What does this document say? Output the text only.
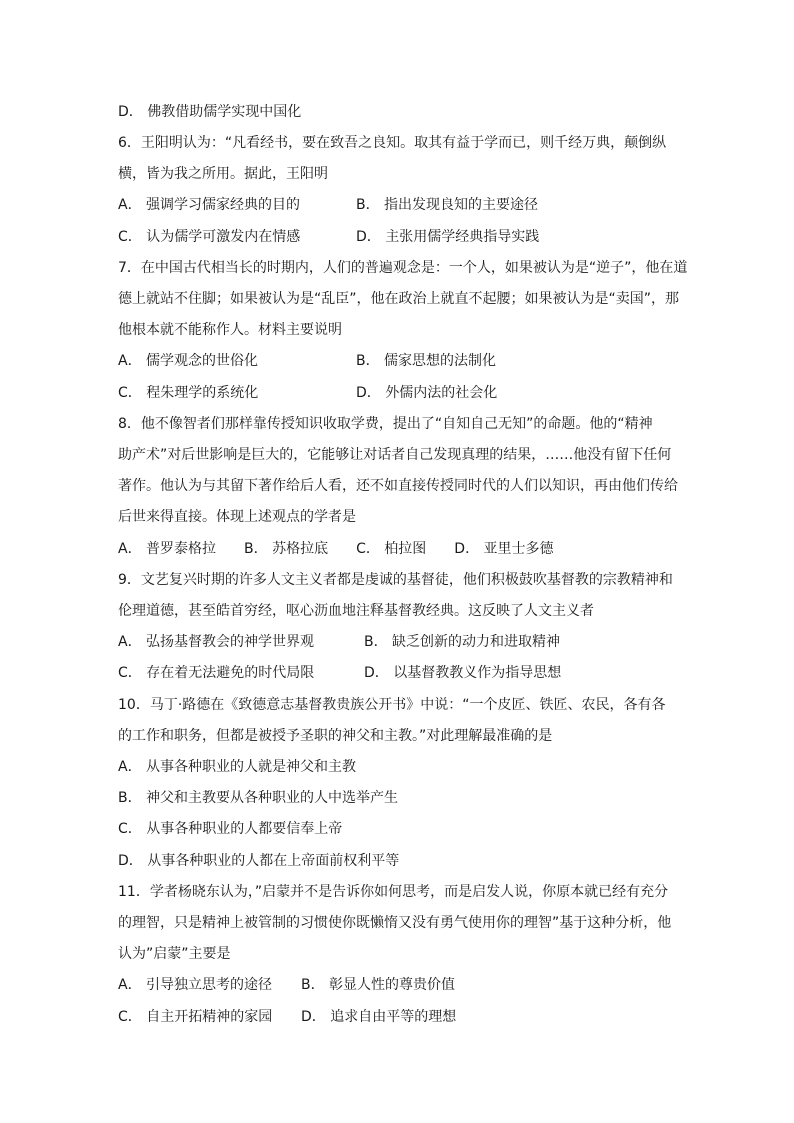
D． 佛教借助儒学实现中国化
6．王阳明认为：“凡看经书，要在致吾之良知。取其有益于学而已，则千经万典，颠倒纵
横，皆为我之所用。据此，王阳明
A． 强调学习儒家经典的目的	B． 指出发现良知的主要途径
C． 认为儒学可激发内在情感	D． 主张用儒学经典指导实践
7．在中国古代相当长的时期内，人们的普遍观念是：一个人，如果被认为是“逆子”，他在道
德上就站不住脚；如果被认为是“乱臣”，他在政治上就直不起腰；如果被认为是“卖国”，那
他根本就不能称作人。材料主要说明
A． 儒学观念的世俗化	B． 儒家思想的法制化
C． 程朱理学的系统化	D． 外儒内法的社会化
8．他不像智者们那样靠传授知识收取学费，提出了“自知自己无知”的命题。他的“精神
助产术”对后世影响是巨大的，它能够让对话者自己发现真理的结果，……他没有留下任何
著作。他认为与其留下著作给后人看，还不如直接传授同时代的人们以知识，再由他们传给
后世来得直接。体现上述观点的学者是
A． 普罗泰格拉　　B． 苏格拉底　　C． 柏拉图　　D． 亚里士多德
9．文艺复兴时期的许多人文主义者都是虔诚的基督徒，他们积极鼓吹基督教的宗教精神和
伦理道德，甚至皓首穷经，呕心沥血地注释基督教经典。这反映了人文主义者
A． 弘扬基督教会的神学世界观	B． 缺乏创新的动力和进取精神
C． 存在着无法避免的时代局限	D． 以基督教教义作为指导思想
10．马丁·路德在《致德意志基督教贵族公开书》中说：“一个皮匠、铁匠、农民，各有各
的工作和职务，但都是被授予圣职的神父和主教。”对此理解最准确的是
A． 从事各种职业的人就是神父和主教
B． 神父和主教要从各种职业的人中选举产生
C． 从事各种职业的人都要信奉上帝
D． 从事各种职业的人都在上帝面前权利平等
11．学者杨晓东认为，”启蒙并不是告诉你如何思考，而是启发人说，你原本就已经有充分
的理智，只是精神上被管制的习惯使你既懒惰又没有勇气使用你的理智”基于这种分析，他
认为”启蒙”主要是
A． 引导独立思考的途径 B． 彰显人性的尊贵价值
C． 自主开拓精神的家园 D． 追求自由平等的理想
